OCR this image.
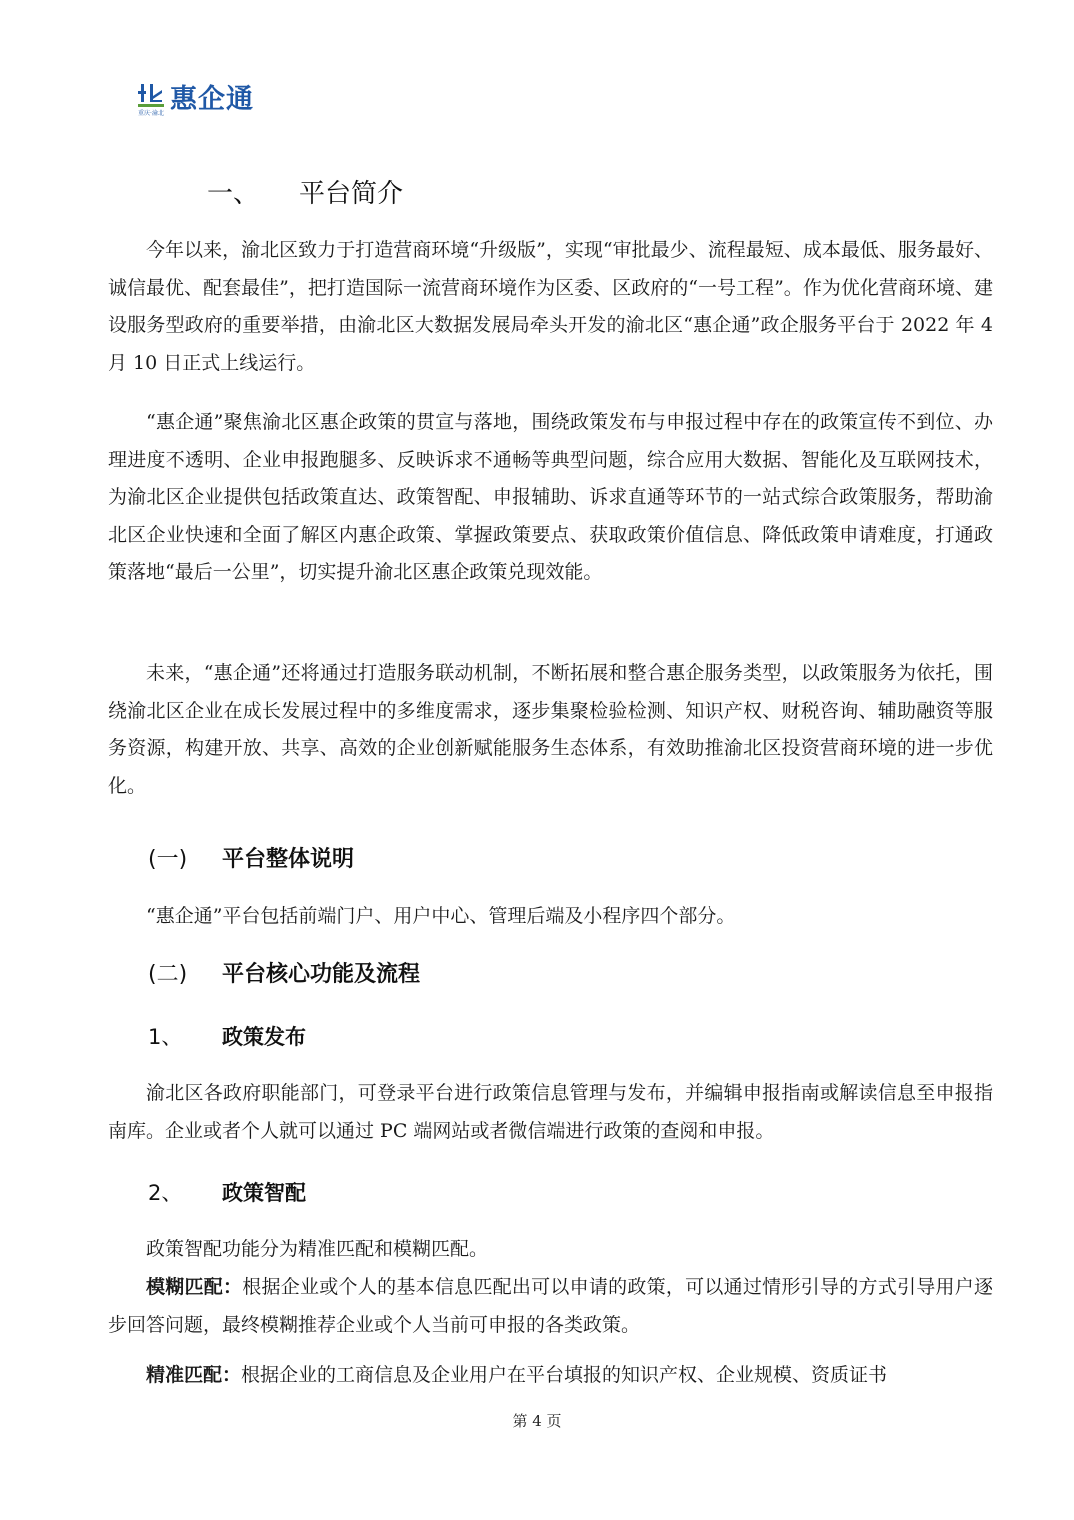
重庆·渝北 惠企通
一、	平台简介

今年以来，渝北区致力于打造营商环境“升级版”，实现“审批最少、流程最短、成本最低、服务最好、诚信最优、配套最佳”，把打造国际一流营商环境作为区委、区政府的“一号工程”。作为优化营商环境、建设服务型政府的重要举措，由渝北区大数据发展局牵头开发的渝北区“惠企通”政企服务平台于 2022 年 4 月 10 日正式上线运行。

“惠企通”聚焦渝北区惠企政策的贯宣与落地，围绕政策发布与申报过程中存在的政策宣传不到位、办理进度不透明、企业申报跑腿多、反映诉求不通畅等典型问题，综合应用大数据、智能化及互联网技术，为渝北区企业提供包括政策直达、政策智配、申报辅助、诉求直通等环节的一站式综合政策服务，帮助渝北区企业快速和全面了解区内惠企政策、掌握政策要点、获取政策价值信息、降低政策申请难度，打通政策落地“最后一公里”，切实提升渝北区惠企政策兑现效能。

未来，“惠企通”还将通过打造服务联动机制，不断拓展和整合惠企服务类型，以政策服务为依托，围绕渝北区企业在成长发展过程中的多维度需求，逐步集聚检验检测、知识产权、财税咨询、辅助融资等服务资源，构建开放、共享、高效的企业创新赋能服务生态体系，有效助推渝北区投资营商环境的进一步优化。

(一)	平台整体说明

“惠企通”平台包括前端门户、用户中心、管理后端及小程序四个部分。

(二)	平台核心功能及流程
1、	政策发布

渝北区各政府职能部门，可登录平台进行政策信息管理与发布，并编辑申报指南或解读信息至申报指南库。企业或者个人就可以通过 PC 端网站或者微信端进行政策的查阅和申报。

2、	政策智配

政策智配功能分为精准匹配和模糊匹配。

模糊匹配：根据企业或个人的基本信息匹配出可以申请的政策，可以通过情形引导的方式引导用户逐步回答问题，最终模糊推荐企业或个人当前可申报的各类政策。

精准匹配：根据企业的工商信息及企业用户在平台填报的知识产权、企业规模、资质证书

第 4 页
